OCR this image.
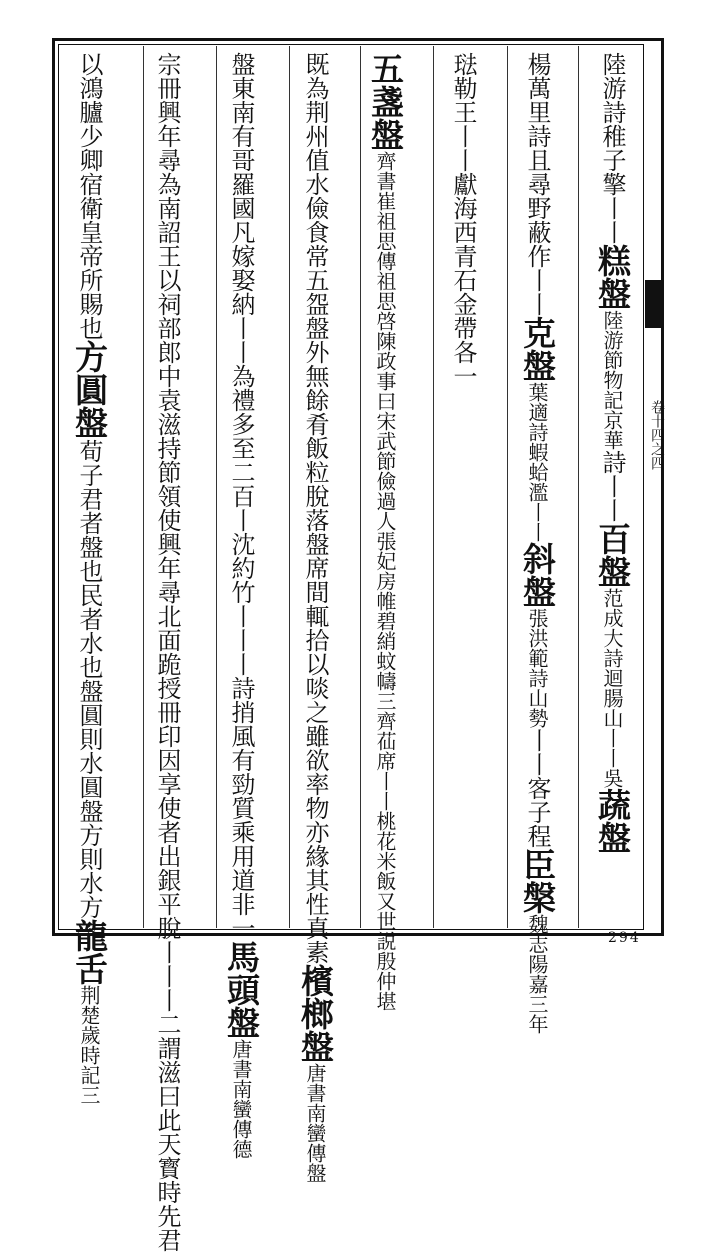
陸游詩稚
子擎丨丨
糕盤
陸游
節物記京華
詩丨丨
百盤
范成大詩迴腸山丨丨吳
蔬盤
楊萬里詩且尋
野蔽作丨丨
克盤
葉適詩蝦
蛤濫丨丨
斜盤
張洪範詩山勢
丨丨客子程
臣槃
魏志陽
嘉三年
琺勒王丨丨獻海
西青石金帶各一
五盞盤
齊書崔祖思傳祖思啓陳政事曰宋武節儉過人張妃房
帷碧綃蚊幬三齊苮席丨丨桃花米飯又世説殷仲堪
既為荆州值水儉食常五盌盤外無餘肴飯粒脫
落盤席間輒拾以啖之雖欲率物亦緣其性真素
檳榔盤
唐書南
蠻傳盤
盤東南有哥羅國凡嫁娶納丨丨為禮多至二百
丨沈約竹丨丨丨詩捎風有勁質乘用道非一
馬頭盤
唐書南
蠻傳德
宗冊興年尋為南詔王以祠部郎中袁滋持節領使興年尋北面
跪授冊印因享使者出銀平脫丨丨丨二謂滋曰此天寳時先君
以鴻臚少卿宿
衛皇帝所賜也
方圓盤
荀子君者盤也民者水也
盤圓則水圓盤方則水方
龍舌
荆楚歲
時記三
卷十四之四
294
